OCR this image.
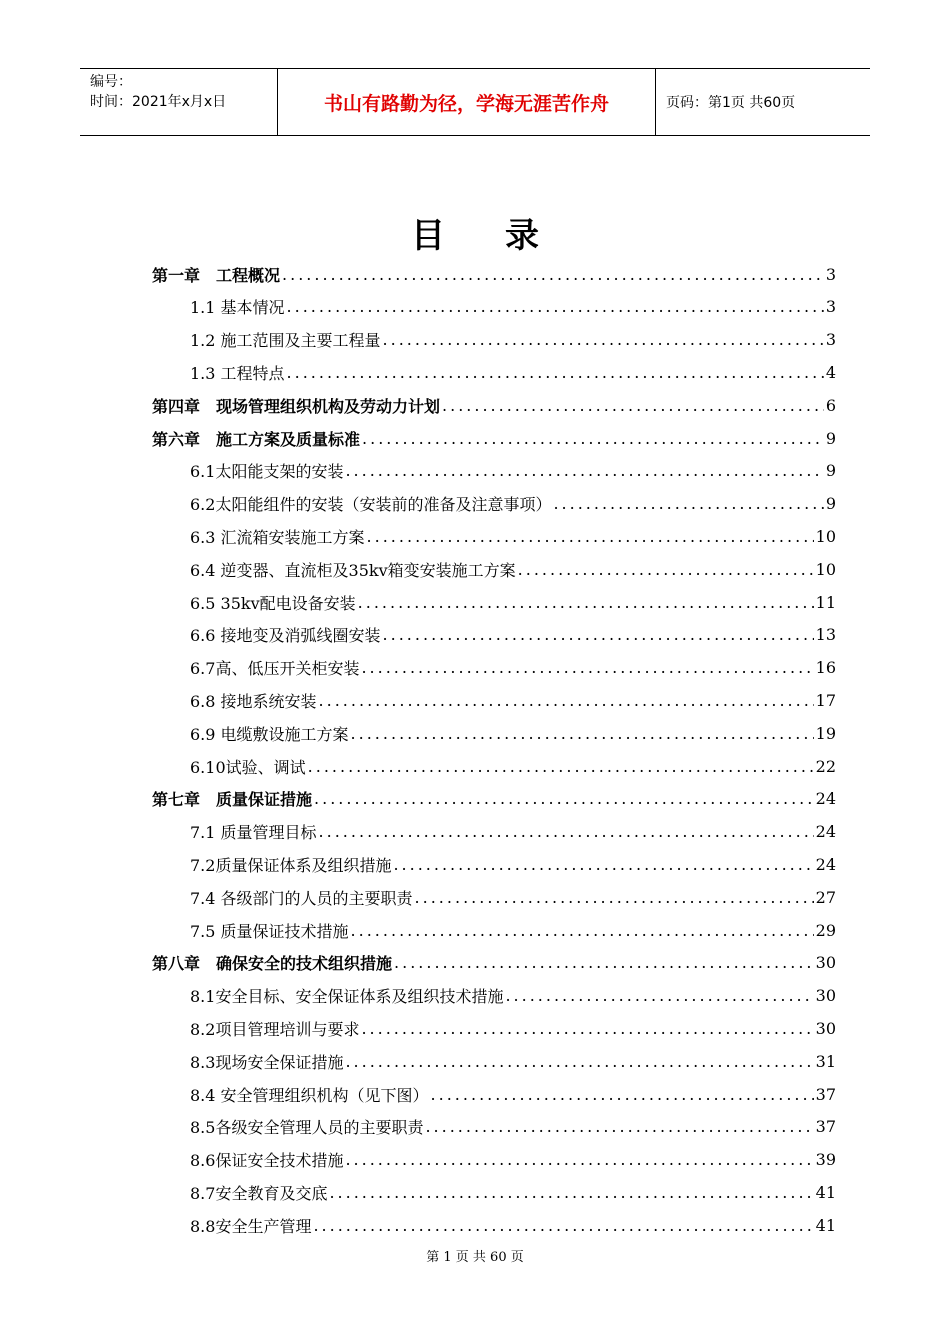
编号：
时间：2021年x月x日	书山有路勤为径，学海无涯苦作舟	页码：第1页 共60页
目录
第一章　工程概况 .....	3
1.1 基本情况 .....	3
1.2 施工范围及主要工程量 .....	3
1.3 工程特点 .....	4
第四章　现场管理组织机构及劳动力计划 .....	6
第六章　施工方案及质量标准 .....	9
6.1太阳能支架的安装 .....	9
6.2太阳能组件的安装（安装前的准备及注意事项） .....	9
6.3 汇流箱安装施工方案 .....	10
6.4 逆变器、直流柜及35kv箱变安装施工方案 .....	10
6.5 35kv配电设备安装 .....	11
6.6 接地变及消弧线圈安装 .....	13
6.7高、低压开关柜安装 .....	16
6.8 接地系统安装 .....	17
6.9 电缆敷设施工方案 .....	19
6.10试验、调试 .....	22
第七章　质量保证措施 .....	24
7.1 质量管理目标 .....	24
7.2质量保证体系及组织措施 .....	24
7.4 各级部门的人员的主要职责 .....	27
7.5 质量保证技术措施 .....	29
第八章　确保安全的技术组织措施 .....	30
8.1安全目标、安全保证体系及组织技术措施 .....	30
8.2项目管理培训与要求 .....	30
8.3现场安全保证措施 .....	31
8.4 安全管理组织机构（见下图） .....	37
8.5各级安全管理人员的主要职责 .....	37
8.6保证安全技术措施 .....	39
8.7安全教育及交底 .....	41
8.8安全生产管理 .....	41
第 1 页 共 60 页
